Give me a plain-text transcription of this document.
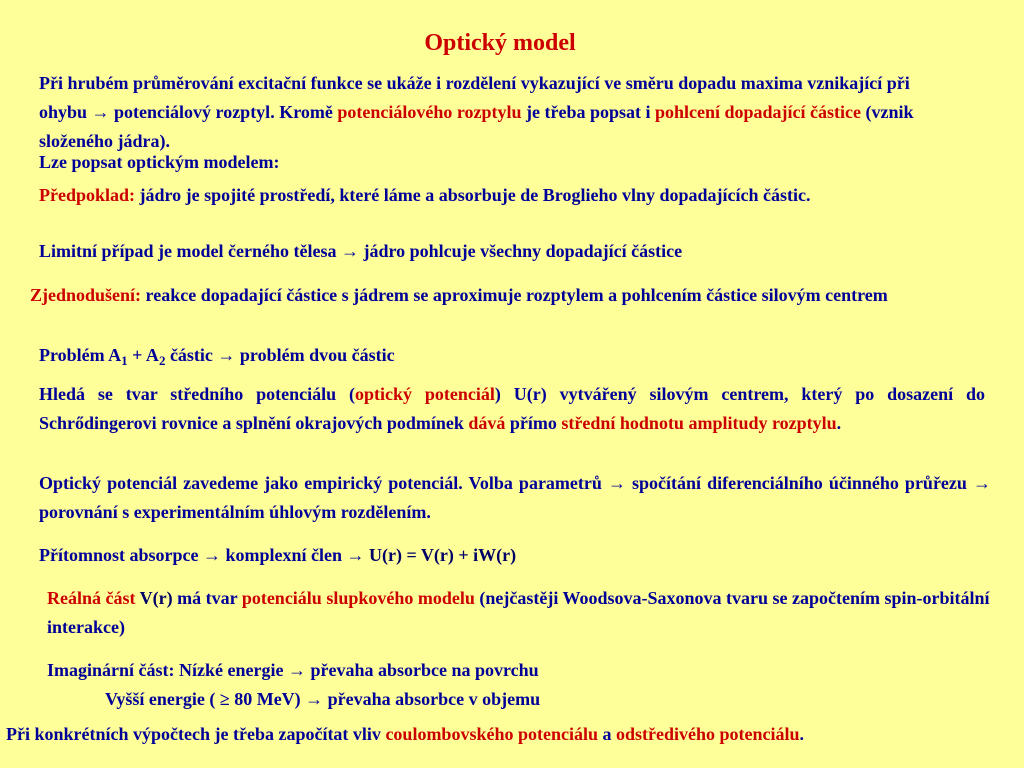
Optický model

Při hrubém průměrování excitační funkce se ukáže i rozdělení vykazující ve směru dopadu maxima vznikající při ohybu → potenciálový rozptyl. Kromě potenciálového rozptylu je třeba popsat i pohlcení dopadající částice (vznik složeného jádra).

Lze popsat optickým modelem:

Předpoklad: jádro je spojité prostředí, které láme a absorbuje de Broglieho vlny dopadajících částic.

Limitní případ je model černého tělesa → jádro pohlcuje všechny dopadající částice

Zjednodušení: reakce dopadající částice s jádrem se aproximuje rozptylem a pohlcením částice silovým centrem

Problém $A_1 + A_2$ částic → problém dvou částic

Hledá se tvar středního potenciálu (optický potenciál) U(r) vytvářený silovým centrem, který po dosazení do Schrődingerovi rovnice a splnění okrajových podmínek dává přímo střední hodnotu amplitudy rozptylu.

Optický potenciál zavedeme jako empirický potenciál. Volba parametrů → spočítání diferenciálního účinného průřezu → porovnání s experimentálním úhlovým rozdělením.

Přítomnost absorpce → komplexní člen → U(r) = V(r) + iW(r)

Reálná část V(r) má tvar potenciálu slupkového modelu (nejčastěji Woodsova-Saxonova tvaru se započtením spin-orbitální interakce)

Imaginární část: Nízké energie → převaha absorbce na povrchu
Vyšší energie ( ≥ 80 MeV) → převaha absorbce v objemu

Při konkrétních výpočtech je třeba započítat vliv coulombovského potenciálu a odstředivého potenciálu.
